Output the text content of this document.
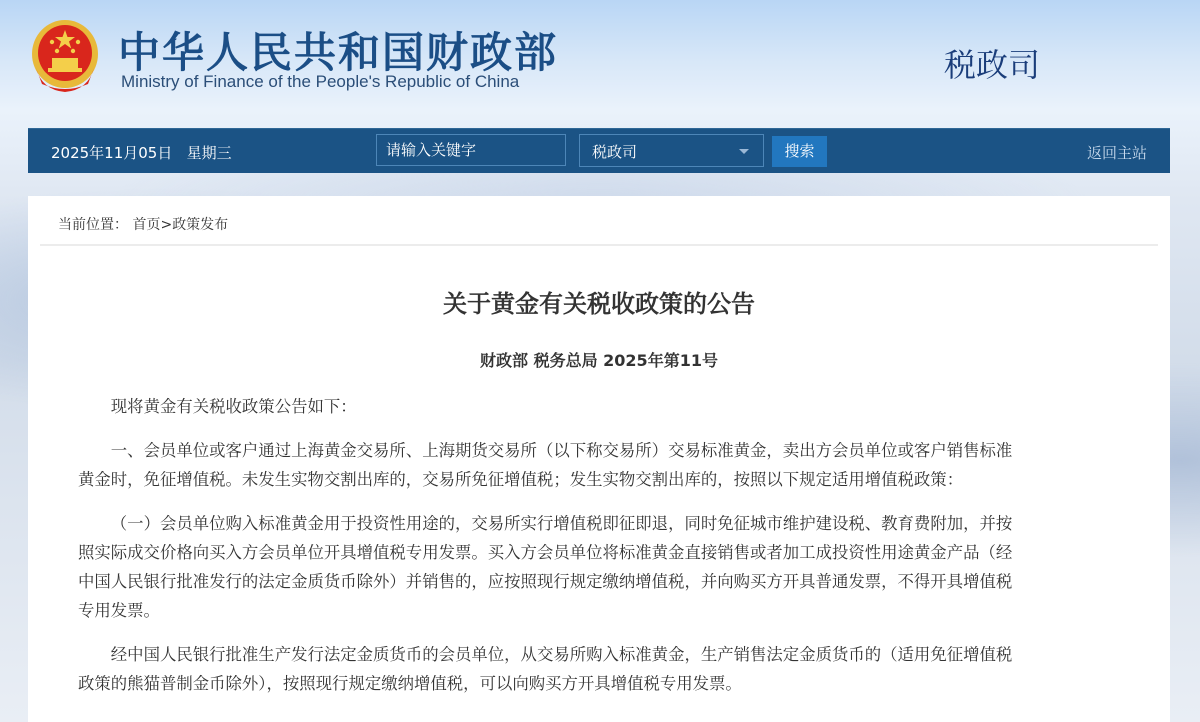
中华人民共和国财政部
Ministry of Finance of the People's Republic of China	税政司
2025年11月05日 星期三
请输入关键字	税政司	搜索	返回主站
当前位置： 首页>政策发布
关于黄金有关税收政策的公告
财政部 税务总局 2025年第11号

现将黄金有关税收政策公告如下：

一、会员单位或客户通过上海黄金交易所、上海期货交易所（以下称交易所）交易标准黄金，卖出方会员单位或客户销售标准
黄金时，免征增值税。未发生实物交割出库的，交易所免征增值税；发生实物交割出库的，按照以下规定适用增值税政策：

（一）会员单位购入标准黄金用于投资性用途的，交易所实行增值税即征即退，同时免征城市维护建设税、教育费附加，并按
照实际成交价格向买入方会员单位开具增值税专用发票。买入方会员单位将标准黄金直接销售或者加工成投资性用途黄金产品（经
中国人民银行批准发行的法定金质货币除外）并销售的，应按照现行规定缴纳增值税，并向购买方开具普通发票，不得开具增值税
专用发票。

经中国人民银行批准生产发行法定金质货币的会员单位，从交易所购入标准黄金，生产销售法定金质货币的（适用免征增值税
政策的熊猫普制金币除外），按照现行规定缴纳增值税，可以向购买方开具增值税专用发票。
